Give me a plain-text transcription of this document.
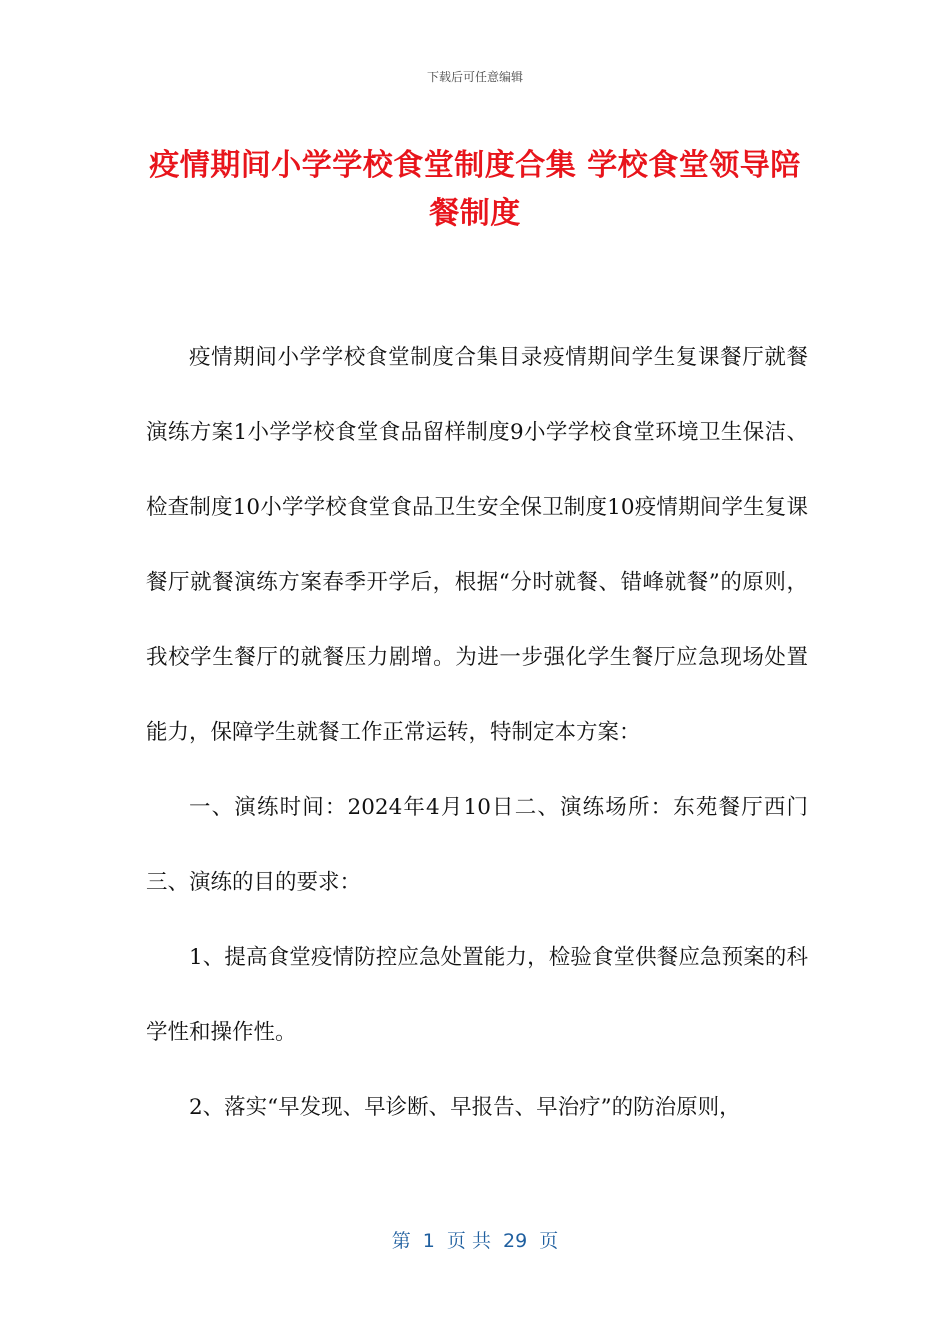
下载后可任意编辑
疫情期间小学学校食堂制度合集 学校食堂领导陪餐制度

疫情期间小学学校食堂制度合集目录疫情期间学生复课餐厅就餐演练方案1小学学校食堂食品留样制度9小学学校食堂环境卫生保洁、检查制度10小学学校食堂食品卫生安全保卫制度10疫情期间学生复课餐厅就餐演练方案春季开学后，根据“分时就餐、错峰就餐”的原则，我校学生餐厅的就餐压力剧增。为进一步强化学生餐厅应急现场处置能力，保障学生就餐工作正常运转，特制定本方案：

一、演练时间：2024年4月10日二、演练场所：东苑餐厅西门三、演练的目的要求：

1、提高食堂疫情防控应急处置能力，检验食堂供餐应急预案的科学性和操作性。

2、落实“早发现、早诊断、早报告、早治疗”的防治原则，

第  1  页 共  29  页
